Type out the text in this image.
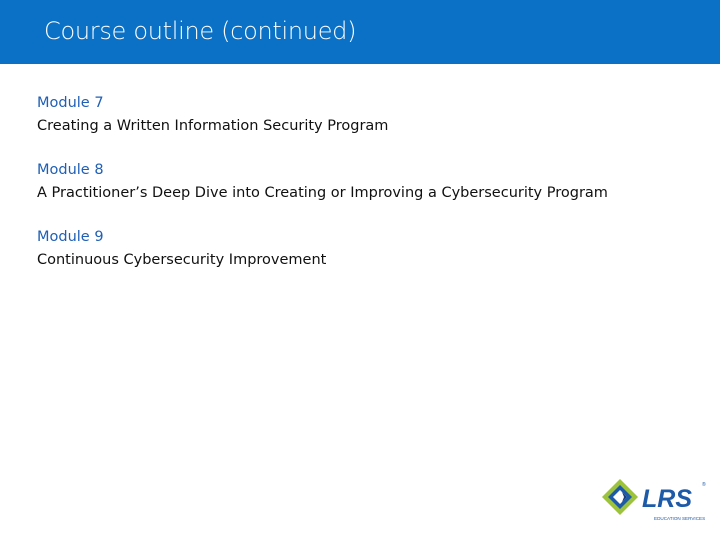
Course outline (continued)
Module 7
Creating a Written Information Security Program
Module 8
A Practitioner’s Deep Dive into Creating or Improving a Cybersecurity Program
Module 9
Continuous Cybersecurity Improvement
LRS ®
EDUCATION SERVICES
